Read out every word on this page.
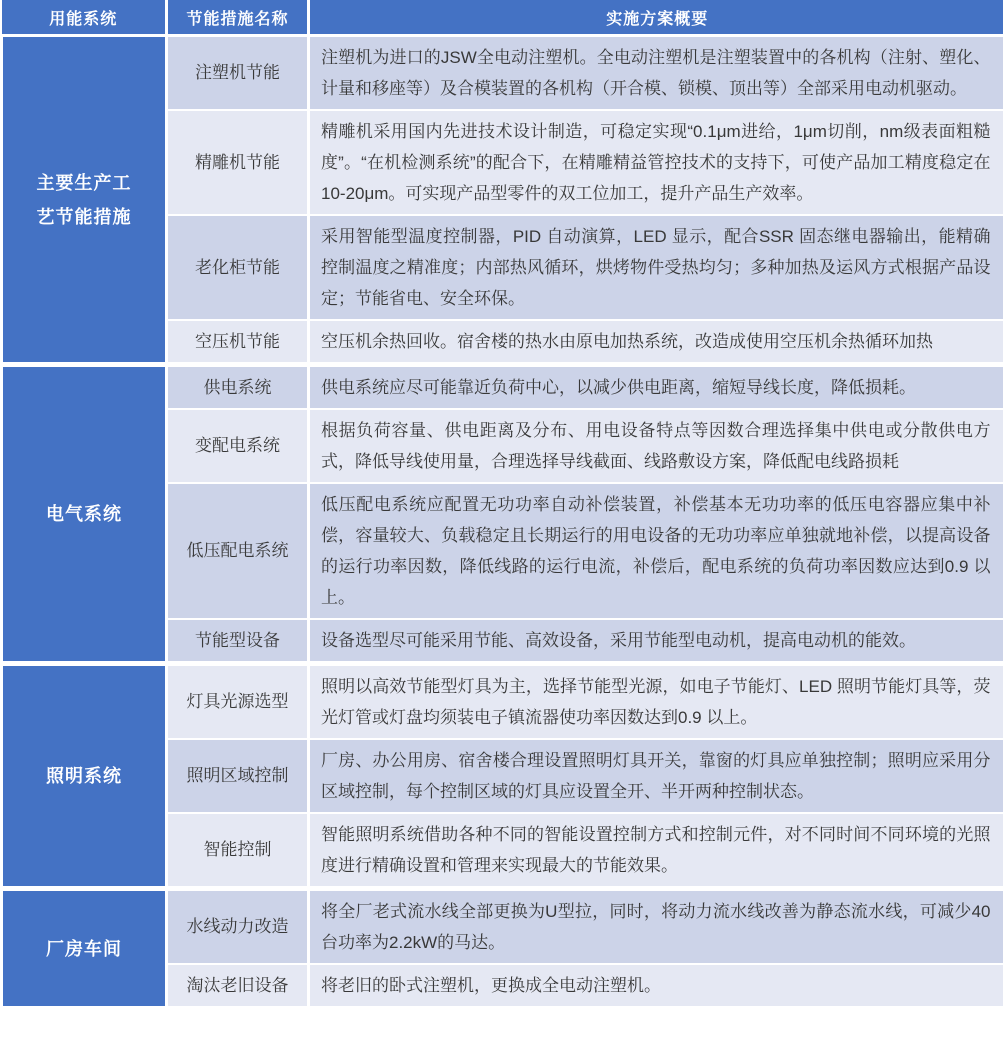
用能系统	节能措施名称	实施方案概要
主要生产工艺节能措施	注塑机节能	注塑机为进口的JSW全电动注塑机。全电动注塑机是注塑装置中的各机构（注射、塑化、计量和移座等）及合模装置的各机构（开合模、锁模、顶出等）全部采用电动机驱动。
	精雕机节能	精雕机采用国内先进技术设计制造，可稳定实现“0.1μm进给，1μm切削，nm级表面粗糙度”。“在机检测系统”的配合下，在精雕精益管控技术的支持下，可使产品加工精度稳定在10-20μm。可实现产品型零件的双工位加工，提升产品生产效率。
	老化柜节能	采用智能型温度控制器，PID 自动演算，LED 显示，配合SSR 固态继电器输出，能精确控制温度之精准度；内部热风循环，烘烤物件受热均匀；多种加热及运风方式根据产品设定；节能省电、安全环保。
	空压机节能	空压机余热回收。宿舍楼的热水由原电加热系统，改造成使用空压机余热循环加热
电气系统	供电系统	供电系统应尽可能靠近负荷中心，以减少供电距离，缩短导线长度，降低损耗。
	变配电系统	根据负荷容量、供电距离及分布、用电设备特点等因数合理选择集中供电或分散供电方式，降低导线使用量，合理选择导线截面、线路敷设方案，降低配电线路损耗
	低压配电系统	低压配电系统应配置无功功率自动补偿装置，补偿基本无功功率的低压电容器应集中补偿，容量较大、负载稳定且长期运行的用电设备的无功功率应单独就地补偿，以提高设备的运行功率因数，降低线路的运行电流，补偿后，配电系统的负荷功率因数应达到0.9 以上。
	节能型设备	设备选型尽可能采用节能、高效设备，采用节能型电动机，提高电动机的能效。
照明系统	灯具光源选型	照明以高效节能型灯具为主，选择节能型光源，如电子节能灯、LED 照明节能灯具等，荧光灯管或灯盘均须装电子镇流器使功率因数达到0.9 以上。
	照明区域控制	厂房、办公用房、宿舍楼合理设置照明灯具开关，靠窗的灯具应单独控制；照明应采用分区域控制，每个控制区域的灯具应设置全开、半开两种控制状态。
	智能控制	智能照明系统借助各种不同的智能设置控制方式和控制元件，对不同时间不同环境的光照度进行精确设置和管理来实现最大的节能效果。
厂房车间	水线动力改造	将全厂老式流水线全部更换为U型拉，同时，将动力流水线改善为静态流水线，可减少40台功率为2.2kW的马达。
	淘汰老旧设备	将老旧的卧式注塑机，更换成全电动注塑机。
